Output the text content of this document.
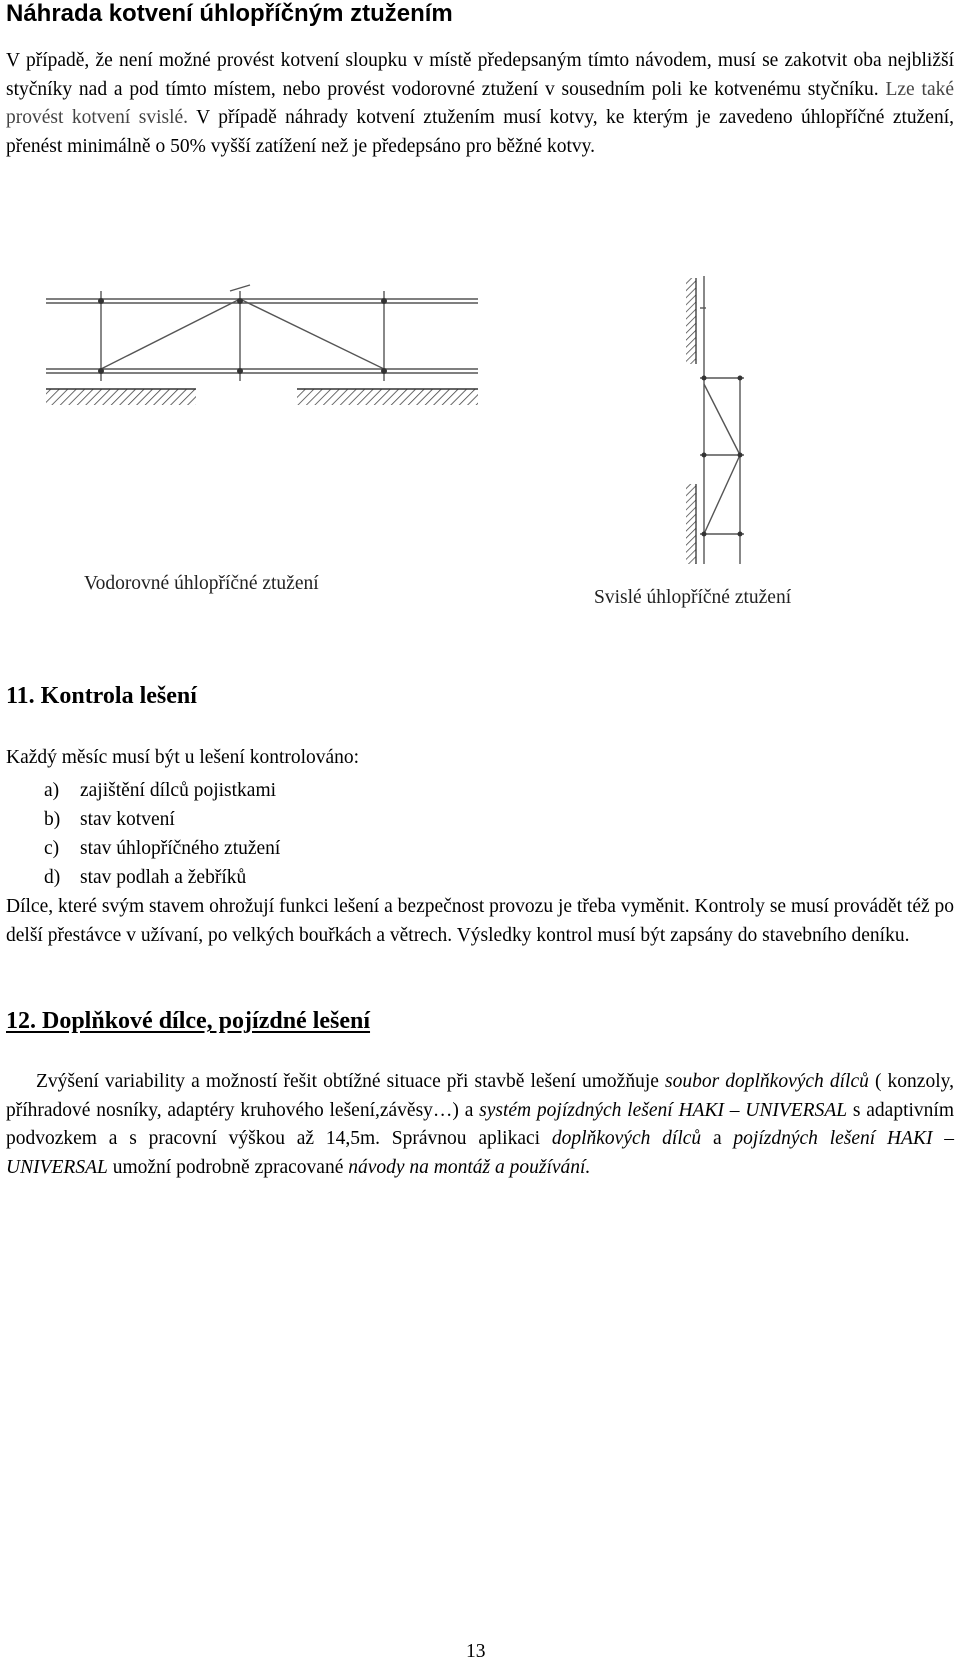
Náhrada kotvení úhlopříčným ztužením

V případě, že není možné provést kotvení sloupku v místě předepsaným tímto návodem, musí se zakotvit oba nejbližší styčníky nad a pod tímto místem, nebo provést vodorovné ztužení v sousedním poli ke kotvenému styčníku. Lze také provést kotvení svislé. V případě náhrady kotvení ztužením musí kotvy, ke kterým je zavedeno úhlopříčné ztužení, přenést minimálně o 50% vyšší zatížení než je předepsáno pro běžné kotvy.

Vodorovné úhlopříčné ztužení

Svislé úhlopříčné ztužení

11. Kontrola lešení

Každý měsíc musí být u lešení kontrolováno:

a)	zajištění dílců pojistkami
b)	stav kotvení
c)	stav úhlopříčného ztužení
d)	stav podlah a žebříků

Dílce, které svým stavem ohrožují funkci lešení a bezpečnost provozu je třeba vyměnit. Kontroly se musí provádět též po delší přestávce v užívaní, po velkých bouřkách a větrech. Výsledky kontrol musí být zapsány do stavebního deníku.

12. Doplňkové dílce, pojízdné lešení

Zvýšení variability a možností řešit obtížné situace při stavbě lešení umožňuje soubor doplňkových dílců ( konzoly, příhradové nosníky, adaptéry kruhového lešení,závěsy…) a systém pojízdných lešení HAKI – UNIVERSAL s adaptivním podvozkem a s pracovní výškou až 14,5m. Správnou aplikaci doplňkových dílců a pojízdných lešení HAKI – UNIVERSAL umožní podrobně zpracované návody na montáž a používání.

13
